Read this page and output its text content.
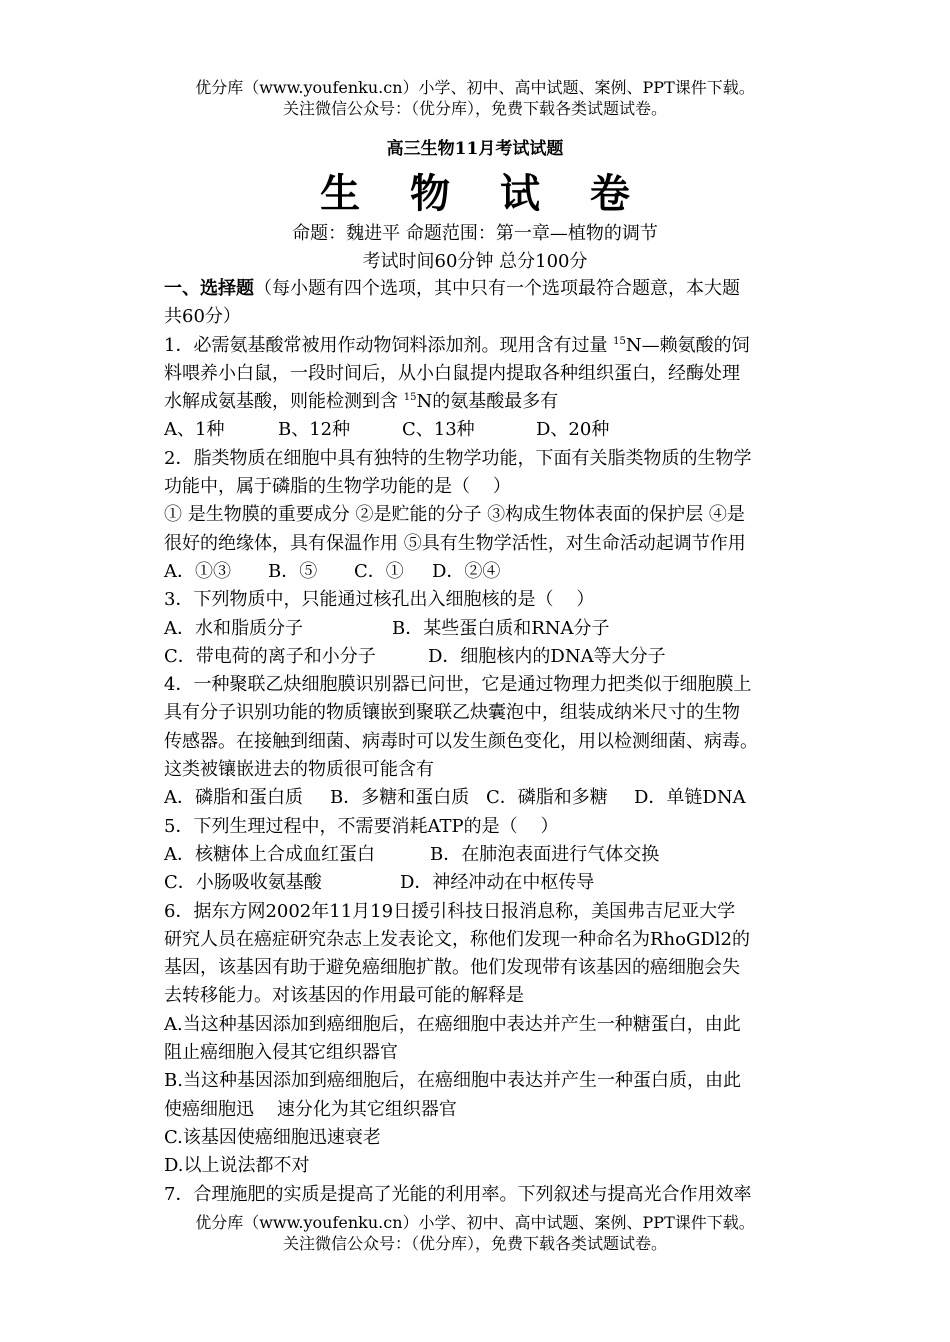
优分库（www.youfenku.cn）小学、初中、高中试题、案例、PPT课件下载。
关注微信公众号：（优分库），免费下载各类试题试卷。
高三生物11月考试试题
生 物 试 卷
命题：魏进平 命题范围：第一章—植物的调节
考试时间60分钟 总分100分
一、选择题（每小题有四个选项，其中只有一个选项最符合题意，本大题
共60分）
1．必需氨基酸常被用作动物饲料添加剂。现用含有过量 $^{15}$N—赖氨酸的饲
料喂养小白鼠，一段时间后，从小白鼠提内提取各种组织蛋白，经酶处理
水解成氨基酸，则能检测到含 $^{15}$N的氨基酸最多有
A、1种	B、12种	C、13种	D、20种
2．脂类物质在细胞中具有独特的生物学功能，下面有关脂类物质的生物学
功能中，属于磷脂的生物学功能的是（    ）
① 是生物膜的重要成分 ②是贮能的分子 ③构成生物体表面的保护层 ④是
很好的绝缘体，具有保温作用 ⑤具有生物学活性，对生命活动起调节作用
A．①③	B．⑤	C．①	D．②④
3．下列物质中，只能通过核孔出入细胞核的是（    ）
A．水和脂质分子	B．某些蛋白质和RNA分子
C．带电荷的离子和小分子	D．细胞核内的DNA等大分子
4．一种聚联乙炔细胞膜识别器已问世，它是通过物理力把类似于细胞膜上
具有分子识别功能的物质镶嵌到聚联乙炔囊泡中，组装成纳米尺寸的生物
传感器。在接触到细菌、病毒时可以发生颜色变化，用以检测细菌、病毒。
这类被镶嵌进去的物质很可能含有
A．磷脂和蛋白质	B．多糖和蛋白质 C．磷脂和多糖	D．单链DNA
5．下列生理过程中，不需要消耗ATP的是（    ）
A．核糖体上合成血红蛋白	B．在肺泡表面进行气体交换
C．小肠吸收氨基酸	D．神经冲动在中枢传导
6．据东方网2002年11月19日援引科技日报消息称，美国弗吉尼亚大学
研究人员在癌症研究杂志上发表论文，称他们发现一种命名为RhoGDl2的
基因，该基因有助于避免癌细胞扩散。他们发现带有该基因的癌细胞会失
去转移能力。对该基因的作用最可能的解释是
A.当这种基因添加到癌细胞后，在癌细胞中表达并产生一种糖蛋白，由此
阻止癌细胞入侵其它组织器官
B.当这种基因添加到癌细胞后，在癌细胞中表达并产生一种蛋白质，由此
使癌细胞迅    速分化为其它组织器官
C.该基因使癌细胞迅速衰老
D.以上说法都不对
7．合理施肥的实质是提高了光能的利用率。下列叙述与提高光合作用效率
优分库（www.youfenku.cn）小学、初中、高中试题、案例、PPT课件下载。
关注微信公众号：（优分库），免费下载各类试题试卷。
